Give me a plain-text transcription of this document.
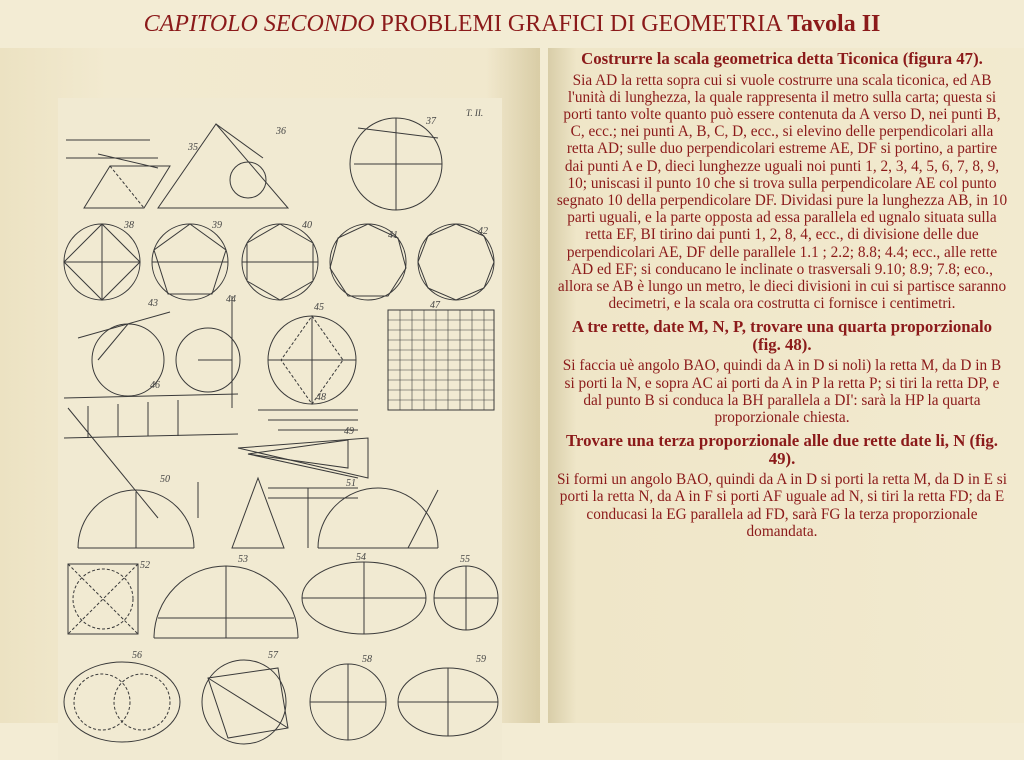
CAPITOLO SECONDO PROBLEMI GRAFICI DI GEOMETRIA Tavola II
T. II.
35
36
37
38	39	40
41	42
43	44
45	47
46
48
49
50	51
52
53	54	55
56	57	58	59
Costrurre la scala geometrica detta Ticonica (figura 47).

Sia AD la retta sopra cui si vuole costrurre una scala ticonica, ed AB l'unità di lunghezza, la quale rappresenta il metro sulla carta; questa si porti tanto volte quanto può essere contenuta da A verso D, nei punti B, C, ecc.; nei punti A, B, C, D, ecc., si elevino delle perpendicolari alla retta AD; sulle duo perpendicolari estreme AE, DF si portino, a partire dai punti A e D, dieci lunghezze uguali noi punti 1, 2, 3, 4, 5, 6, 7, 8, 9, 10; uniscasi il punto 10 che si trova sulla perpendicolare AE col punto segnato 10 della perpendicolare DF. Dividasi pure la lunghezza AB, in 10 parti uguali, e la parte opposta ad essa parallela ed ugnalo situata sulla retta EF, BI tirino dai punti 1, 2, 8, 4, ecc., di divisione delle due perpendicolari AE, DF delle parallele 1.1 ; 2.2; 8.8; 4.4; ecc., alle rette AD ed EF; si conducano le inclinate o trasversali 9.10; 8.9; 7.8; eco., allora se AB è lungo un metro, le dieci divisioni in cui si partisce saranno decimetri, e la scala ora costrutta ci fornisce i centimetri.

A tre rette, date M, N, P, trovare una quarta proporzionalo (fig. 48).

Si faccia uè angolo BAO, quindi da A in D si noli) la retta M, da D in B si porti la N, e sopra AC ai porti da A in P la retta P; si tiri la retta DP, e dal punto B si conduca la BH parallela a DI': sarà la HP la quarta proporzionale chiesta.

Trovare una terza proporzionale alle due rette date li, N (fig. 49).

Si formi un angolo BAO, quindi da A in D si porti la retta M, da D in E si porti la retta N, da A in F si porti AF uguale ad N, si tiri la retta FD; da E conducasi la EG parallela ad FD, sarà FG la terza proporzionale domandata.
